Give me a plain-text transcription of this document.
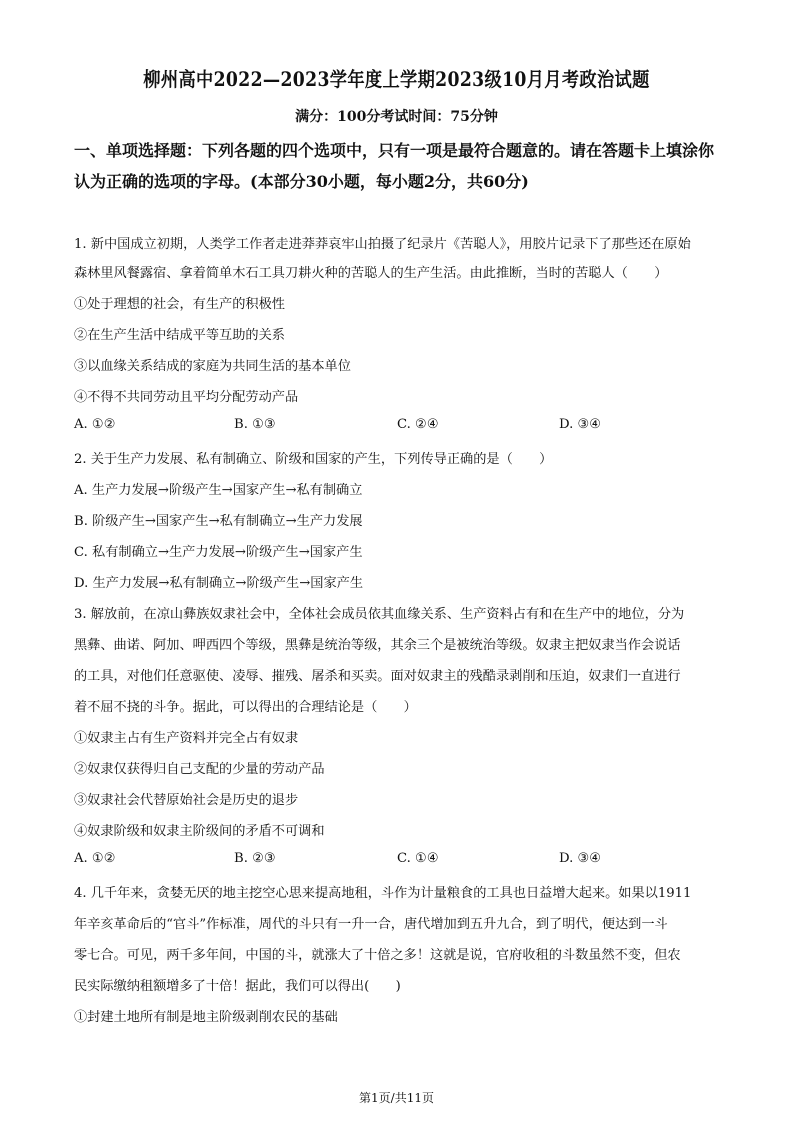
柳州高中2022—2023学年度上学期2023级10月月考政治试题
满分：100分考试时间：75分钟
一、单项选择题：下列各题的四个选项中，只有一项是最符合题意的。请在答题卡上填涂你
认为正确的选项的字母。(本部分30小题，每小题2分，共60分)
1. 新中国成立初期，人类学工作者走进莽莽哀牢山拍摄了纪录片《苦聪人》，用胶片记录下了那些还在原始
森林里风餐露宿、拿着简单木石工具刀耕火种的苦聪人的生产生活。由此推断，当时的苦聪人（　　）
①处于理想的社会，有生产的积极性
②在生产生活中结成平等互助的关系
③以血缘关系结成的家庭为共同生活的基本单位
④不得不共同劳动且平均分配劳动产品
A. ①②	B. ①③	C. ②④	D. ③④
2. 关于生产力发展、私有制确立、阶级和国家的产生，下列传导正确的是（　　）
A. 生产力发展→阶级产生→国家产生→私有制确立
B. 阶级产生→国家产生→私有制确立→生产力发展
C. 私有制确立→生产力发展→阶级产生→国家产生
D. 生产力发展→私有制确立→阶级产生→国家产生
3. 解放前，在凉山彝族奴隶社会中，全体社会成员依其血缘关系、生产资料占有和在生产中的地位，分为
黑彝、曲诺、阿加、呷西四个等级，黑彝是统治等级，其余三个是被统治等级。奴隶主把奴隶当作会说话
的工具，对他们任意驱使、凌辱、摧残、屠杀和买卖。面对奴隶主的残酷录剥削和压迫，奴隶们一直进行
着不屈不挠的斗争。据此，可以得出的合理结论是（　　）
①奴隶主占有生产资料并完全占有奴隶
②奴隶仅获得归自己支配的少量的劳动产品
③奴隶社会代替原始社会是历史的退步
④奴隶阶级和奴隶主阶级间的矛盾不可调和
A. ①②	B. ②③	C. ①④	D. ③④
4. 几千年来，贪婪无厌的地主挖空心思来提高地租，斗作为计量粮食的工具也日益增大起来。如果以1911
年辛亥革命后的“官斗”作标准，周代的斗只有一升一合，唐代增加到五升九合，到了明代，便达到一斗
零七合。可见，两千多年间，中国的斗，就涨大了十倍之多！这就是说，官府收租的斗数虽然不变，但农
民实际缴纳租额增多了十倍！据此，我们可以得出(　　)
①封建土地所有制是地主阶级剥削农民的基础
第1页/共11页
